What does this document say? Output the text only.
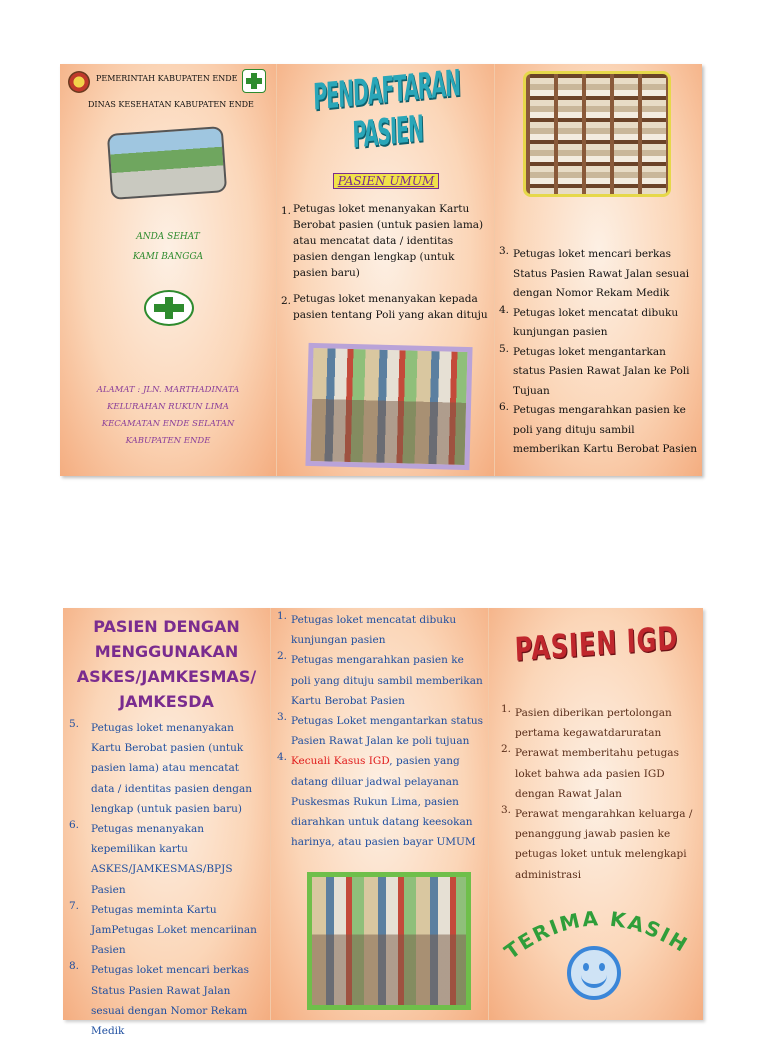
PEMERINTAH KABUPATEN ENDE
DINAS KESEHATAN KABUPATEN ENDE
ANDA SEHAT
KAMI BANGGA
ALAMAT : JLN. MARTHADINATA
KELURAHAN RUKUN LIMA
KECAMATAN ENDE SELATAN
KABUPATEN ENDE
PENDAFTARAN PASIEN
PASIEN UMUM
1. Petugas loket menanyakan Kartu Berobat pasien (untuk pasien lama) atau mencatat data / identitas pasien dengan lengkap (untuk pasien baru)
2. Petugas loket menanyakan kepada pasien tentang Poli yang akan dituju
3. Petugas loket mencari berkas Status Pasien Rawat Jalan sesuai dengan Nomor Rekam Medik
4. Petugas loket mencatat dibuku kunjungan pasien
5. Petugas loket mengantarkan status Pasien Rawat Jalan ke Poli Tujuan
6. Petugas mengarahkan pasien ke poli yang dituju sambil memberikan Kartu Berobat Pasien
PASIEN DENGAN
MENGGUNAKAN
ASKES/JAMKESMAS/
JAMKESDA
5.	Petugas loket menanyakan Kartu Berobat pasien (untuk pasien lama) atau mencatat data / identitas pasien dengan lengkap (untuk pasien baru)
6.	Petugas menanyakan kepemilikan kartu ASKES/JAMKESMAS/BPJS Pasien
7.	Petugas meminta Kartu JamPetugas Loket mencariinan Pasien
8.	Petugas loket mencari berkas Status Pasien Rawat Jalan sesuai dengan Nomor Rekam Medik
1. Petugas loket mencatat dibuku kunjungan pasien
2. Petugas mengarahkan pasien ke poli yang dituju sambil memberikan Kartu Berobat Pasien
3. Petugas Loket mengantarkan status Pasien Rawat Jalan ke poli tujuan
4. Kecuali Kasus IGD, pasien yang datang diluar jadwal pelayanan Puskesmas Rukun Lima, pasien diarahkan untuk datang keesokan harinya, atau pasien bayar UMUM
PASIEN IGD
1. Pasien diberikan pertolongan pertama kegawatdaruratan
2. Perawat memberitahu petugas loket bahwa ada pasien IGD dengan Rawat Jalan
3. Perawat mengarahkan keluarga / penanggung jawab pasien ke petugas loket untuk melengkapi administrasi
TERIMA KASIH
